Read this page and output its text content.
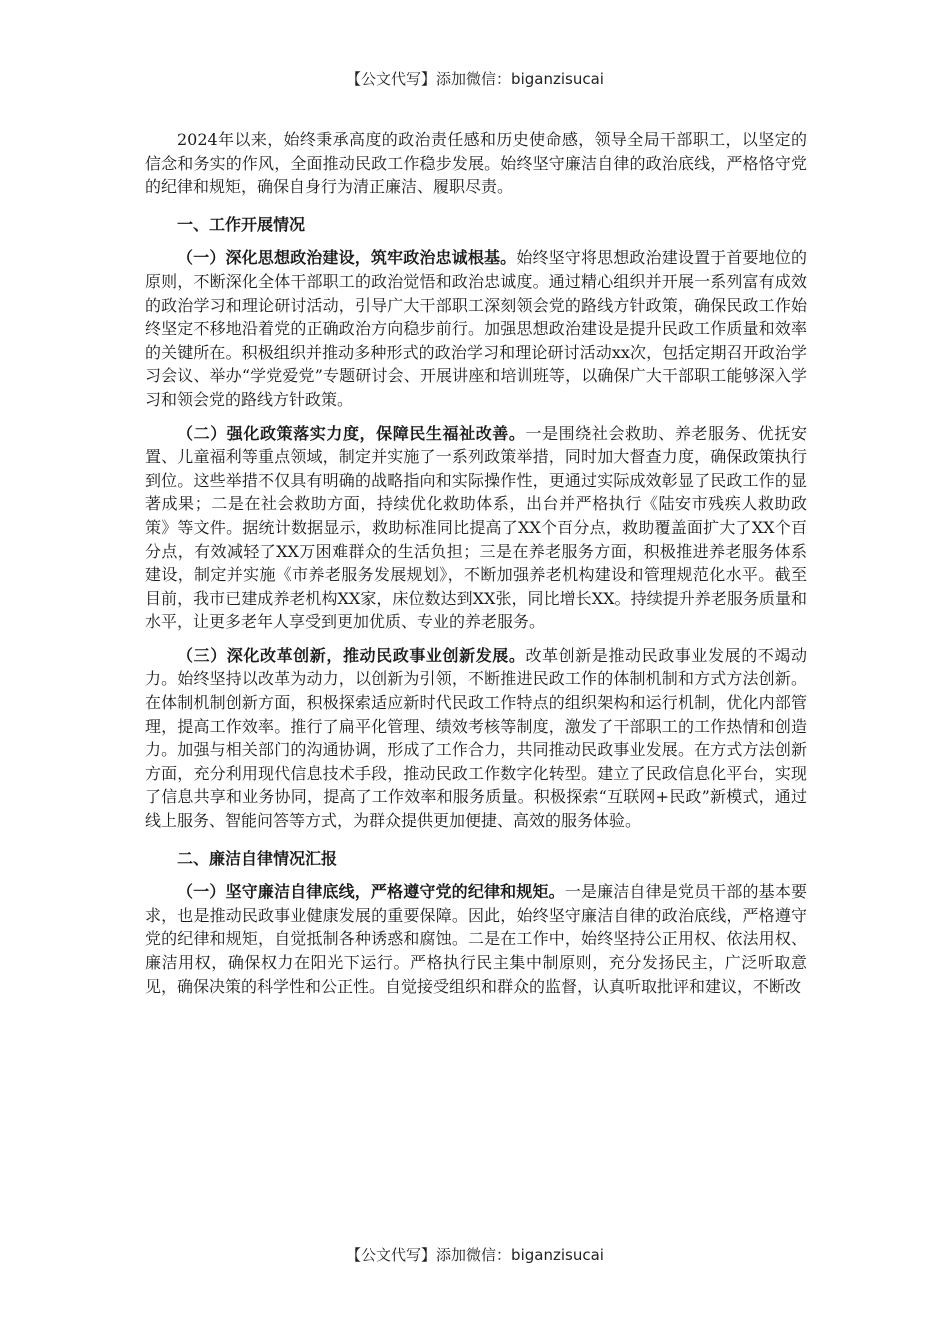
【公文代写】添加微信：biganzisucai

2024年以来，始终秉承高度的政治责任感和历史使命感，领导全局干部职工，以坚定的信念和务实的作风，全面推动民政工作稳步发展。始终坚守廉洁自律的政治底线，严格恪守党的纪律和规矩，确保自身行为清正廉洁、履职尽责。

一、工作开展情况

（一）深化思想政治建设，筑牢政治忠诚根基。始终坚守将思想政治建设置于首要地位的原则，不断深化全体干部职工的政治觉悟和政治忠诚度。通过精心组织并开展一系列富有成效的政治学习和理论研讨活动，引导广大干部职工深刻领会党的路线方针政策，确保民政工作始终坚定不移地沿着党的正确政治方向稳步前行。加强思想政治建设是提升民政工作质量和效率的关键所在。积极组织并推动多种形式的政治学习和理论研讨活动xx次，包括定期召开政治学习会议、举办“学党爱党”专题研讨会、开展讲座和培训班等，以确保广大干部职工能够深入学习和领会党的路线方针政策。

（二）强化政策落实力度，保障民生福祉改善。一是围绕社会救助、养老服务、优抚安置、儿童福利等重点领域，制定并实施了一系列政策举措，同时加大督查力度，确保政策执行到位。这些举措不仅具有明确的战略指向和实际操作性，更通过实际成效彰显了民政工作的显著成果；二是在社会救助方面，持续优化救助体系，出台并严格执行《陆安市残疾人救助政策》等文件。据统计数据显示，救助标准同比提高了XX个百分点，救助覆盖面扩大了XX个百分点，有效减轻了XX万困难群众的生活负担；三是在养老服务方面，积极推进养老服务体系建设，制定并实施《市养老服务发展规划》，不断加强养老机构建设和管理规范化水平。截至目前，我市已建成养老机构XX家，床位数达到XX张，同比增长XX。持续提升养老服务质量和水平，让更多老年人享受到更加优质、专业的养老服务。

（三）深化改革创新，推动民政事业创新发展。改革创新是推动民政事业发展的不竭动力。始终坚持以改革为动力，以创新为引领，不断推进民政工作的体制机制和方式方法创新。在体制机制创新方面，积极探索适应新时代民政工作特点的组织架构和运行机制，优化内部管理，提高工作效率。推行了扁平化管理、绩效考核等制度，激发了干部职工的工作热情和创造力。加强与相关部门的沟通协调，形成了工作合力，共同推动民政事业发展。在方式方法创新方面，充分利用现代信息技术手段，推动民政工作数字化转型。建立了民政信息化平台，实现了信息共享和业务协同，提高了工作效率和服务质量。积极探索“互联网+民政”新模式，通过线上服务、智能问答等方式，为群众提供更加便捷、高效的服务体验。

二、廉洁自律情况汇报

（一）坚守廉洁自律底线，严格遵守党的纪律和规矩。一是廉洁自律是党员干部的基本要求，也是推动民政事业健康发展的重要保障。因此，始终坚守廉洁自律的政治底线，严格遵守党的纪律和规矩，自觉抵制各种诱惑和腐蚀。二是在工作中，始终坚持公正用权、依法用权、廉洁用权，确保权力在阳光下运行。严格执行民主集中制原则，充分发扬民主，广泛听取意见，确保决策的科学性和公正性。自觉接受组织和群众的监督，认真听取批评和建议，不断改

【公文代写】添加微信：biganzisucai
